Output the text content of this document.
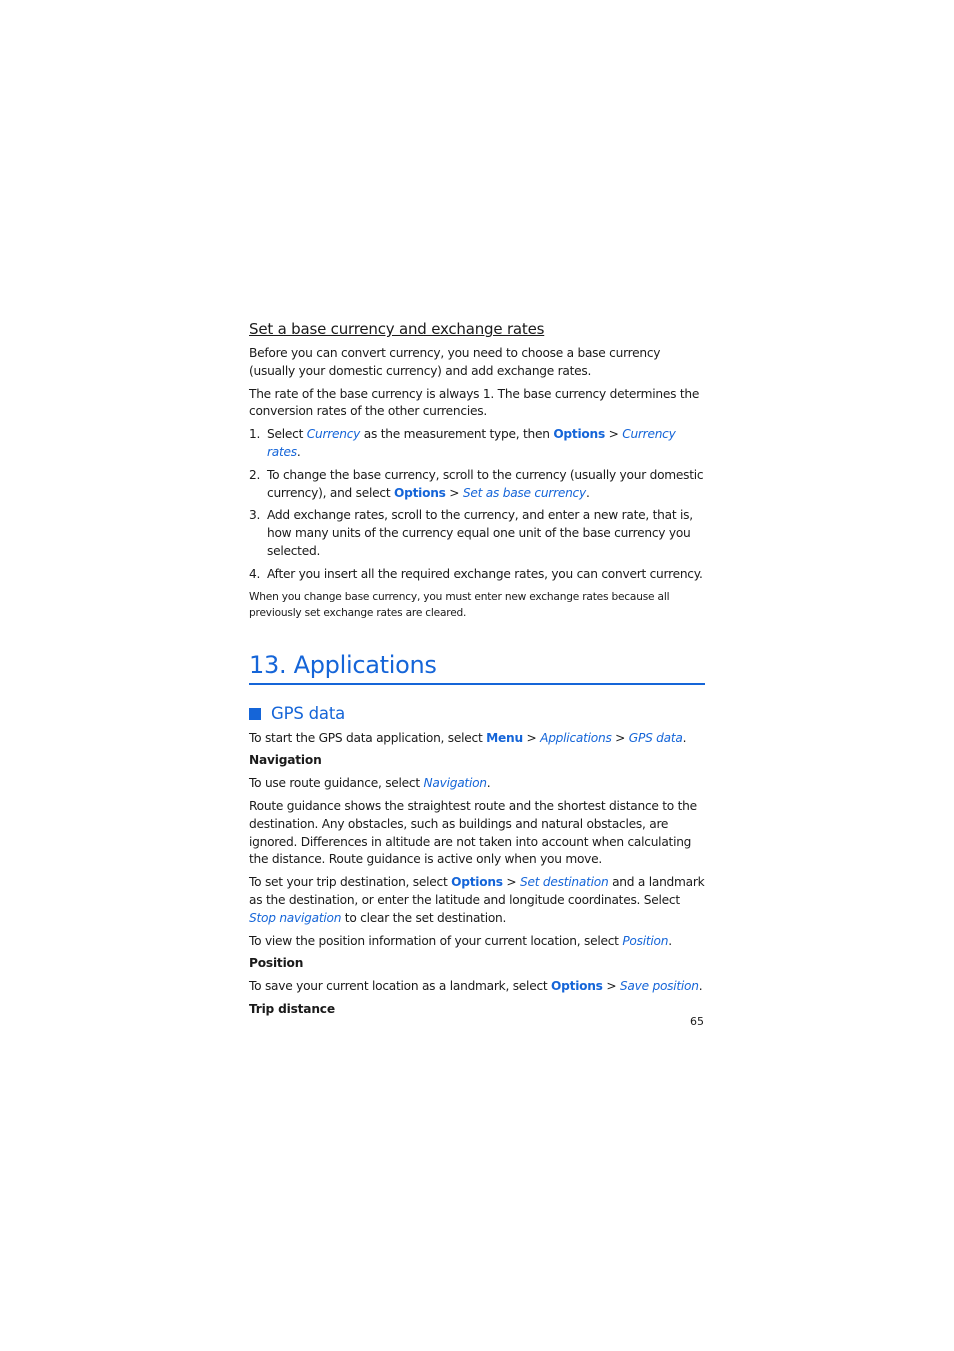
Set a base currency and exchange rates

Before you can convert currency, you need to choose a base currency (usually your domestic currency) and add exchange rates.

The rate of the base currency is always 1. The base currency determines the conversion rates of the other currencies.

1. Select Currency as the measurement type, then Options > Currency rates.
2. To change the base currency, scroll to the currency (usually your domestic currency), and select Options > Set as base currency.
3. Add exchange rates, scroll to the currency, and enter a new rate, that is, how many units of the currency equal one unit of the base currency you selected.
4. After you insert all the required exchange rates, you can convert currency.

When you change base currency, you must enter new exchange rates because all previously set exchange rates are cleared.

13. Applications
GPS data

To start the GPS data application, select Menu > Applications > GPS data.

Navigation

To use route guidance, select Navigation.

Route guidance shows the straightest route and the shortest distance to the destination. Any obstacles, such as buildings and natural obstacles, are ignored. Differences in altitude are not taken into account when calculating the distance. Route guidance is active only when you move.

To set your trip destination, select Options > Set destination and a landmark as the destination, or enter the latitude and longitude coordinates. Select Stop navigation to clear the set destination.

To view the position information of your current location, select Position.

Position

To save your current location as a landmark, select Options > Save position.

Trip distance
65
